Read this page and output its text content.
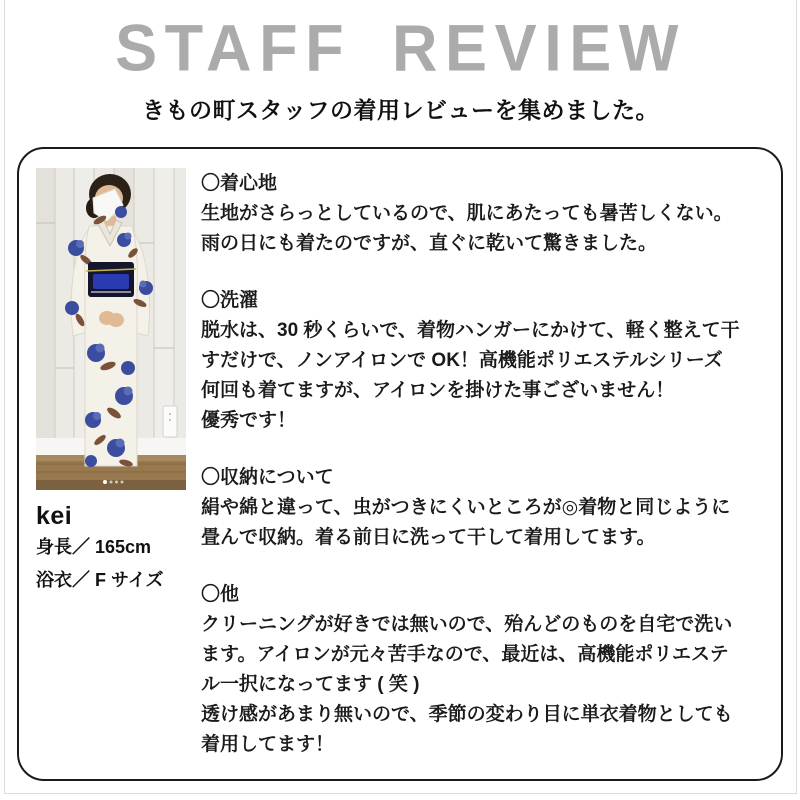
STAFF REVIEW

きもの町スタッフの着用レビューを集めました。

kei
身長／ 165cm
浴衣／ F サイズ

〇着心地

生地がさらっとしているので、肌にあたっても暑苦しくない。

雨の日にも着たのですが、直ぐに乾いて驚きました。

〇洗濯

脱水は、30 秒くらいで、着物ハンガーにかけて、軽く整えて干

すだけで、ノンアイロンで OK！高機能ポリエステルシリーズ

何回も着てますが、アイロンを掛けた事ございません！

優秀です！

〇収納について

絹や綿と違って、虫がつきにくいところが◎着物と同じように

畳んで収納。着る前日に洗って干して着用してます。

〇他

クリーニングが好きでは無いので、殆んどのものを自宅で洗い

ます。アイロンが元々苦手なので、最近は、高機能ポリエステ

ル一択になってます ( 笑 )

透け感があまり無いので、季節の変わり目に単衣着物としても

着用してます！
